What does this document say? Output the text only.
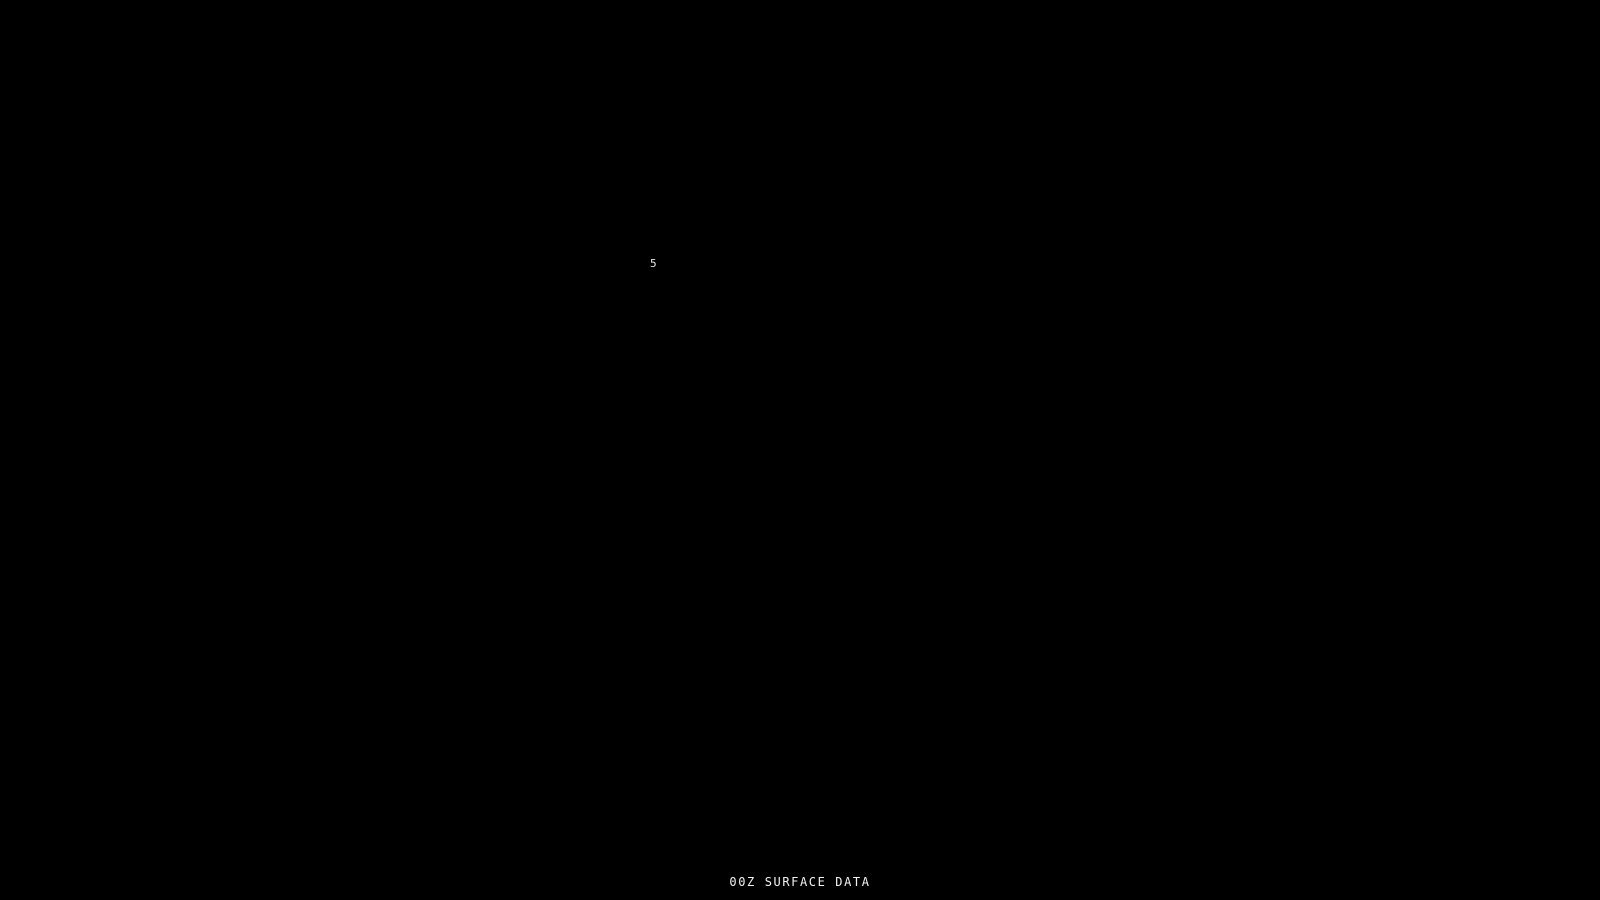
5
00Z SURFACE DATA
